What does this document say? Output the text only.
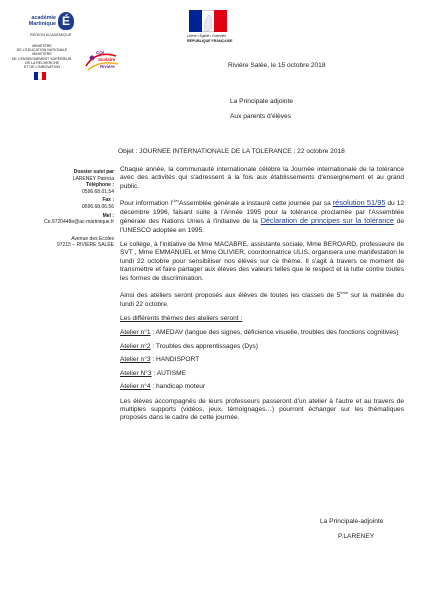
académie
Martinique É
RÉGION ACADÉMIQUE
MINISTÈRE
DE L'ÉDUCATION NATIONALE
MINISTÈRE
DE L'ENSEIGNEMENT SUPÉRIEUR,
DE LA RECHERCHE
ET DE L'INNOVATION
Cité
Scolaire
Rivière
Liberté • Égalité • Fraternité
RÉPUBLIQUE FRANÇAISE
Rivière Salée, le 15 octobre 2018
La Principale adjointe
Aux parents d'élèves
Objet : JOURNEE INTERNATIONALE DE LA TOLERANCE : 22 octobre 2018
Dossier suivi par
LARENEY Patricia
Téléphone :
0596.68.01.54
Fax :
0596.68.06.56
Mel :
Ce.9720448e@ac-martinique.fr
Avenue des Ecoles
97215 – RIVIERE SALÉE

Chaque année, la communauté internationale célèbre la Journée internationale de la tolérance avec des activités qui s'adressent à la fois aux établissements d'enseignement et au grand public.

Pour information $l'^{1er}Assemblée$ générale a instauré cette journée par sa résolution 51/95 du 12 décembre 1996, faisant suite à l'Année 1995 pour la tolérance proclamée par l'Assemblée générale des Nations Unies à l'initiative de la Déclaration de principes sur la tolérance de l'UNESCO adoptée en 1995.

Le collège, à l'initiative de Mme MACABRE, assistante sociale, Mme BEROARD, professeure de SVT , Mme EMMANUEL et Mme OLIVIER, coordonnatrice ULIS, organisera une manifestation le lundi 22 octobre pour sensibiliser nos élèves sur ce thème. Il s'agit à travers ce moment de transmettre et faire partager aux élèves des valeurs telles que le respect et la lutte contre toutes les formes de discrimination.

Ainsi des ateliers seront proposés aux élèves de toutes les classes de 5ème sur la matinée du lundi 22 octobre.

Les différents thèmes des ateliers seront :

Atelier n°1 : AMEDAV (langue des signes, déficience visuelle, troubles des fonctions cognitives)
Atelier n°2 : Troubles des apprentissages (Dys)
Atelier n°3 : HANDISPORT
Atelier N°3 : AUTISME
Atelier n°4 : handicap moteur

Les élèves accompagnés de leurs professeurs passeront d'un atelier à l'autre et au travers de multiples supports (vidéos, jeux, témoignages…) pourront échanger sur les thématiques proposés dans le cadre de cette journée.

La Principale-adjointe
P.LARENEY
